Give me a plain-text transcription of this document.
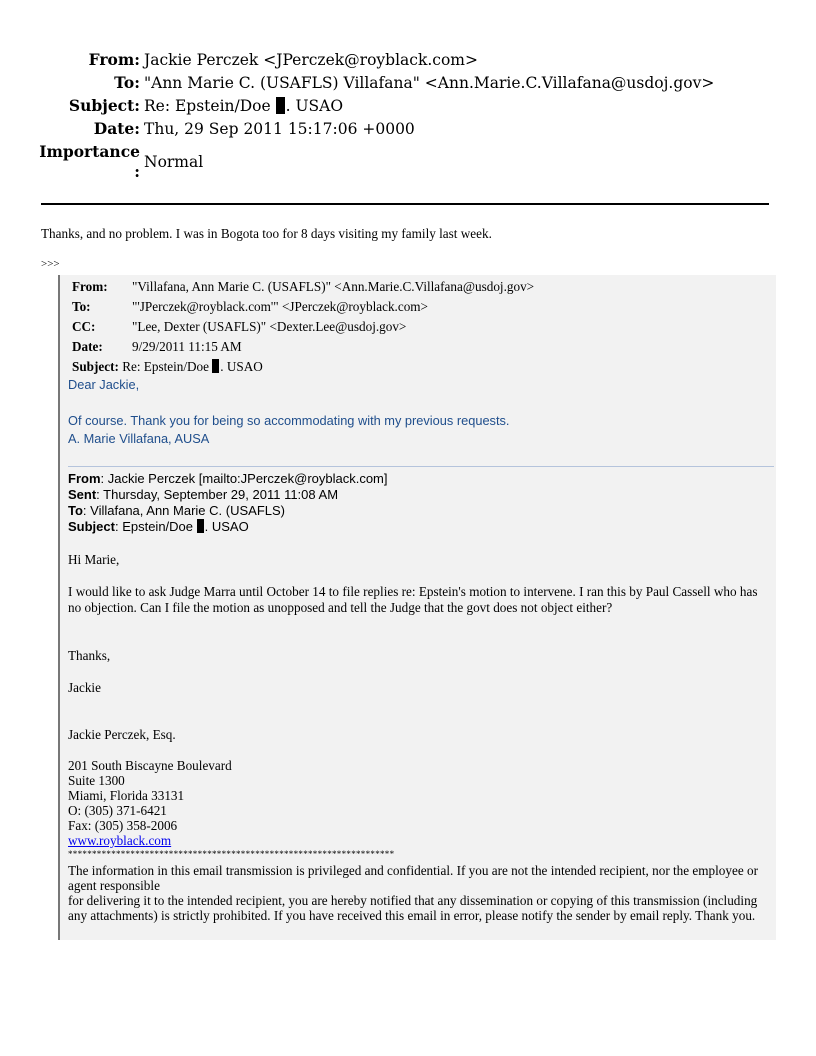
From: Jackie Perczek <JPerczek@royblack.com>
To: "Ann Marie C. (USAFLS) Villafana" <Ann.Marie.C.Villafana@usdoj.gov>
Subject: Re: Epstein/Doe . USAO
Date: Thu, 29 Sep 2011 15:17:06 +0000
Importance
: Normal
Thanks, and no problem. I was in Bogota too for 8 days visiting my family last week.
>>>
From: "Villafana, Ann Marie C. (USAFLS)" <Ann.Marie.C.Villafana@usdoj.gov>
To:	"'JPerczek@royblack.com'" <JPerczek@royblack.com>
CC:	"Lee, Dexter (USAFLS)" <Dexter.Lee@usdoj.gov>
Date: 9/29/2011 11:15 AM
Subject: Re: Epstein/Doe . USAO
Dear Jackie,
Of course. Thank you for being so accommodating with my previous requests.
A. Marie Villafana, AUSA
From: Jackie Perczek [mailto:JPerczek@royblack.com]
Sent: Thursday, September 29, 2011 11:08 AM
To: Villafana, Ann Marie C. (USAFLS)
Subject: Epstein/Doe . USAO
Hi Marie,
I would like to ask Judge Marra until October 14 to file replies re: Epstein's motion to intervene. I ran this by Paul Cassell who has no objection. Can I file the motion as unopposed and tell the Judge that the govt does not object either?
Thanks,
Jackie
Jackie Perczek, Esq.
201 South Biscayne Boulevard
Suite 1300
Miami, Florida 33131
O: (305) 371-6421
Fax: (305) 358-2006
www.royblack.com
********************************************************************
The information in this email transmission is privileged and confidential. If you are not the intended recipient, nor the employee or agent responsible
for delivering it to the intended recipient, you are hereby notified that any dissemination or copying of this transmission (including any attachments) is strictly prohibited. If you have received this email in error, please notify the sender by email reply. Thank you.
